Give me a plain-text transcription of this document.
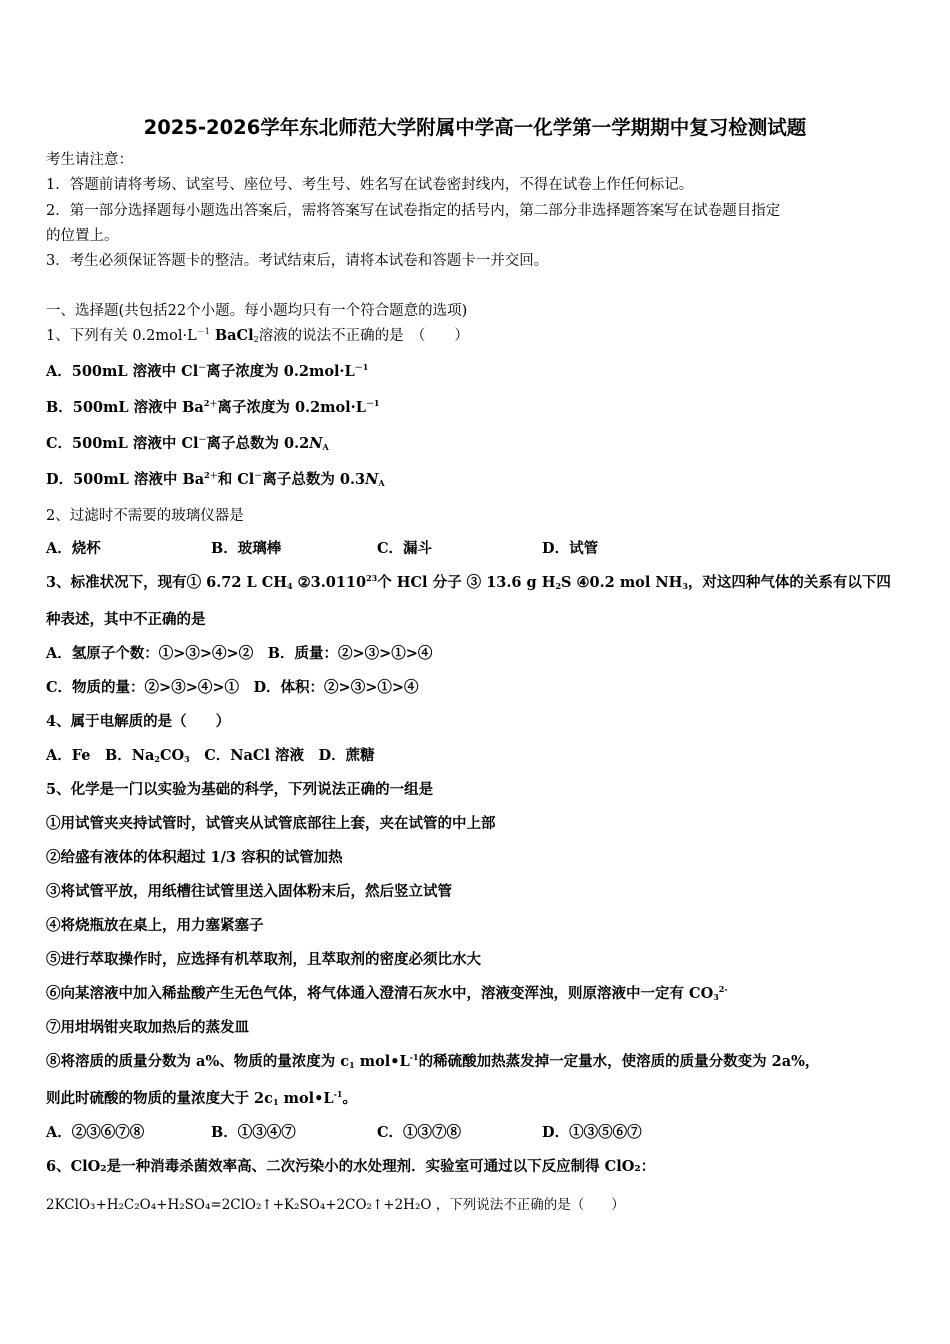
2025-2026学年东北师范大学附属中学高一化学第一学期期中复习检测试题
考生请注意：
1．答题前请将考场、试室号、座位号、考生号、姓名写在试卷密封线内，不得在试卷上作任何标记。
2．第一部分选择题每小题选出答案后，需将答案写在试卷指定的括号内，第二部分非选择题答案写在试卷题目指定
的位置上。
3．考生必须保证答题卡的整洁。考试结束后，请将本试卷和答题卡一并交回。
一、选择题(共包括22个小题。每小题均只有一个符合题意的选项)
1、下列有关 $0.2mol\cdot L^{-1}$ BaCl$_2$溶液的说法不正确的是　（　　）
A．500mL 溶液中 Cl－离子浓度为 $0.2mol\cdot L^{-1}$
B．500mL 溶液中 $Ba^{2+}$离子浓度为 $0.2mol\cdot L^{-1}$
C．500mL 溶液中 Cl－离子总数为 $0.2N_A$
D．500mL 溶液中 $Ba^{2+}$和 Cl－离子总数为 $0.3N_A$
2、过滤时不需要的玻璃仪器是
A．烧杯	B．玻璃棒	C．漏斗	D．试管
3、标准状况下，现有① 6.72 L $CH_4$ ②3.0110$^{23}$个 HCl 分子 ③ 13.6 g $H_2S$ ④0.2 mol $NH_3$，对这四种气体的关系有以下四
种表述，其中不正确的是
A．氢原子个数：①>③>④>②　B．质量：②>③>①>④
C．物质的量：②>③>④>①　D．体积：②>③>①>④
4、属于电解质的是（　　）
A．Fe　B．$Na_2CO_3$　C．NaCl 溶液　D．蔗糖
5、化学是一门以实验为基础的科学，下列说法正确的一组是
①用试管夹夹持试管时，试管夹从试管底部往上套，夹在试管的中上部
②给盛有液体的体积超过 1/3 容积的试管加热
③将试管平放，用纸槽往试管里送入固体粉末后，然后竖立试管
④将烧瓶放在桌上，用力塞紧塞子
⑤进行萃取操作时，应选择有机萃取剂，且萃取剂的密度必须比水大
⑥向某溶液中加入稀盐酸产生无色气体，将气体通入澄清石灰水中，溶液变浑浊，则原溶液中一定有 $CO_3^{2-}$
⑦用坩埚钳夹取加热后的蒸发皿
⑧将溶质的质量分数为 a%、物质的量浓度为 $c_1$ $mol•L^{-1}$的稀硫酸加热蒸发掉一定量水，使溶质的质量分数变为 2a%，
则此时硫酸的物质的量浓度大于 $2c_1$ $mol•L^{-1}$。
A．②③⑥⑦⑧	B．①③④⑦	C．①③⑦⑧	D．①③⑤⑥⑦
6、ClO₂是一种消毒杀菌效率高、二次污染小的水处理剂．实验室可通过以下反应制得 ClO₂：
2KClO₃+H₂C₂O₄+H₂SO₄=2ClO₂↑+K₂SO₄+2CO₂↑+2H₂O ，下列说法不正确的是（　　）
